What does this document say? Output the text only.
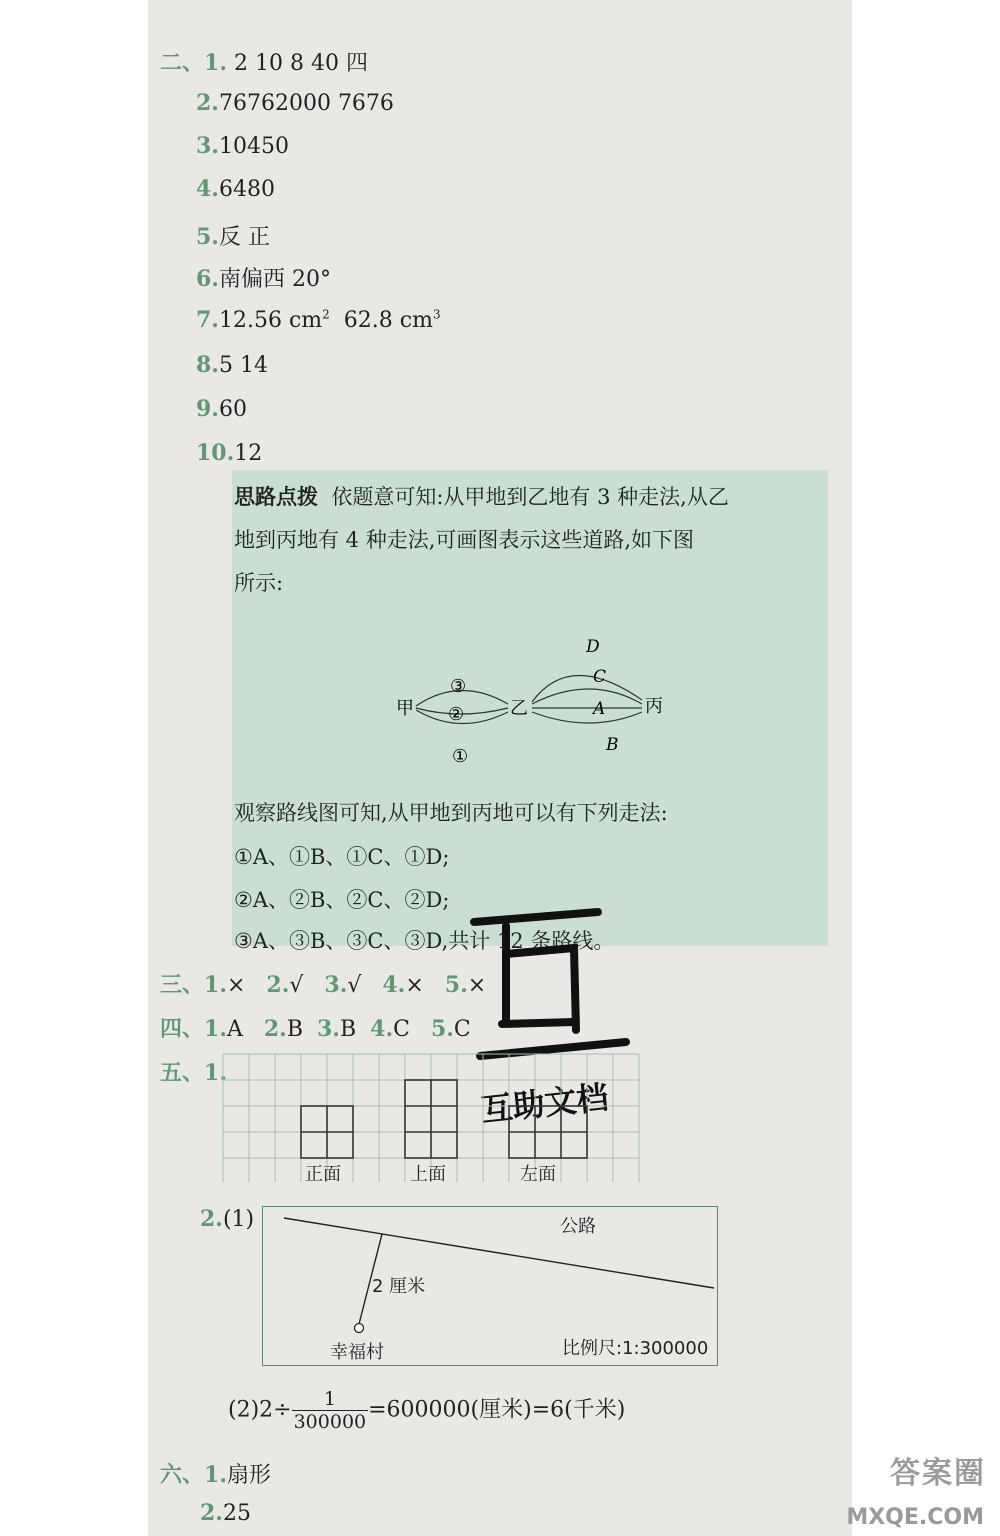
二、1. 2 10 8 40 四
2.76762000 7676
3.10450
4.6480
5.反 正
6.南偏西 20°
7.12.56 $cm^2$  62.8 $cm^3$
8.5 14
9.60
10.12
思路点拨 依题意可知:从甲地到乙地有 3 种走法,从乙
地到丙地有 4 种走法,可画图表示这些道路,如下图
所示:
甲	乙	丙
③
②
①
D
C
A
B
观察路线图可知,从甲地到丙地可以有下列走法:
①A、①B、①C、①D;
②A、②B、②C、②D;
③A、③B、③C、③D,共计 12 条路线。
三、1.× 2.√ 3.√ 4.× 5.×
四、1.A 2.B 3.B 4.C 5.C
互助文档
五、1.
正面	上面	左面
2.(1)	公路
2 厘米
幸福村	比例尺:1:300000
$(2)2\div \frac{1}{300000} =600000$(厘米)=6(千米)
六、1.扇形
2.25
答案圈
MXQE.COM
